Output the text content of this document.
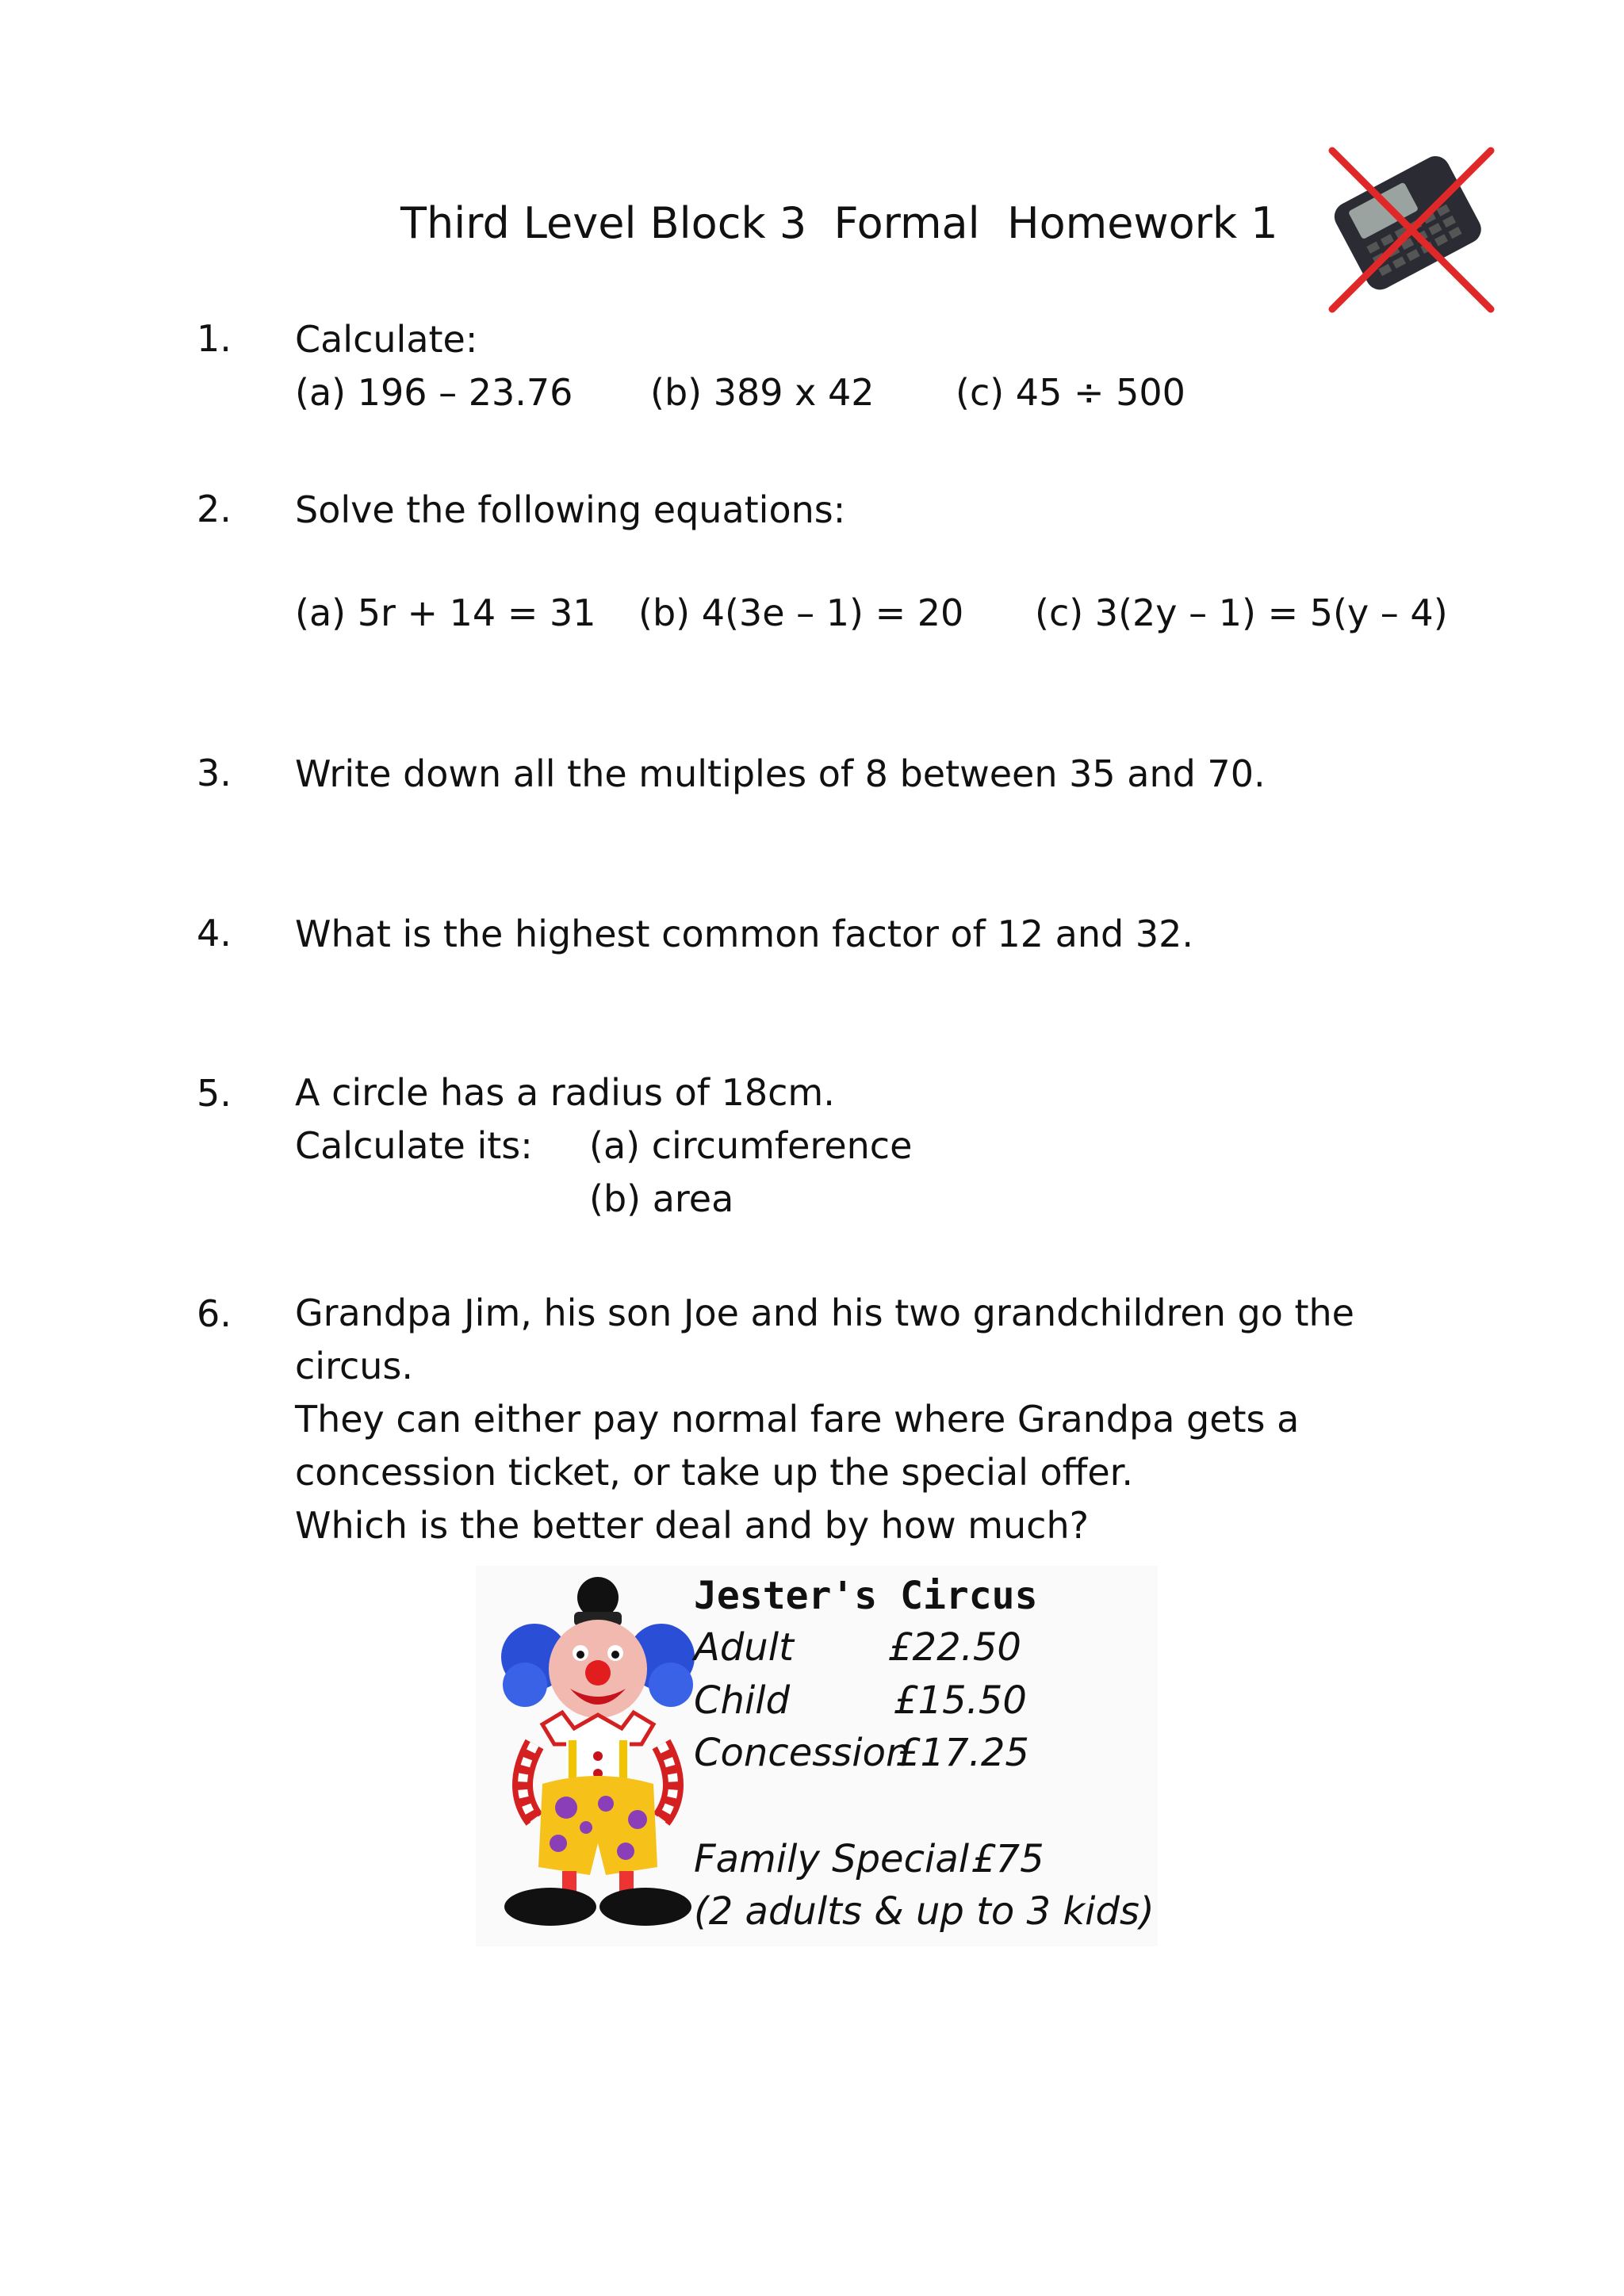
Third Level Block 3  Formal  Homework 1
1. Calculate:
(a) 196 – 23.76 (b) 389 x 42 (c) 45 ÷ 500
2. Solve the following equations:
(a) 5r + 14 = 31 (b) 4(3e – 1) = 20 (c) 3(2y – 1) = 5(y – 4)
3. Write down all the multiples of 8 between 35 and 70.
4. What is the highest common factor of 12 and 32.
5. A circle has a radius of 18cm.
Calculate its: (a) circumference
(b) area
6. Grandpa Jim, his son Joe and his two grandchildren go the
circus.
They can either pay normal fare where Grandpa gets a
concession ticket, or take up the special offer.
Which is the better deal and by how much?
Jester's Circus
Adult £22.50
Child	£15.50
Concession
£17.25
Family Special £75
(2 adults & up to 3 kids)
